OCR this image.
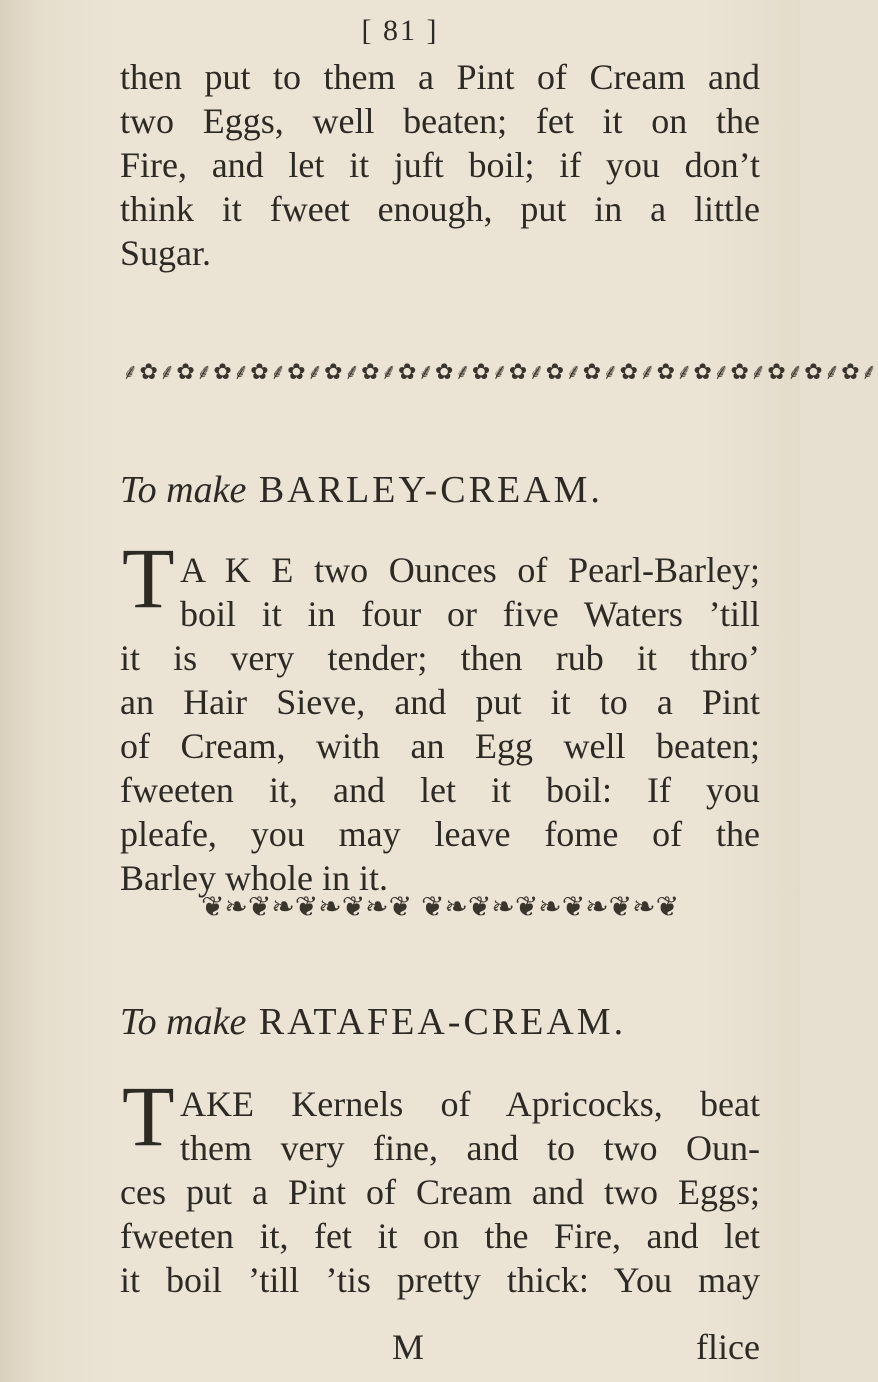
[ 81 ]
then put to them a Pint of Cream and
two Eggs, well beaten; fet it on the
Fire, and let it juft boil; if you don’t
think it fweet enough, put in a little
Sugar.
⸙✿⸙✿⸙✿⸙✿⸙✿⸙✿⸙✿⸙✿⸙✿⸙✿⸙✿⸙✿⸙✿⸙✿⸙✿⸙✿⸙✿⸙✿⸙✿⸙✿⸙
To make BARLEY-CREAM.
T A K E two Ounces of Pearl-Barley;
boil it in four or five Waters ’till
it is very tender; then rub it thro’
an Hair Sieve, and put it to a Pint
of Cream, with an Egg well beaten;
fweeten it, and let it boil: If you
pleafe, you may leave fome of the
Barley whole in it.
❦❧❦❧❦❧❦❧❦ ❦❧❦❧❦❧❦❧❦❧❦
To make RATAFEA-CREAM.
T AKE Kernels of Apricocks, beat
them very fine, and to two Oun-
ces put a Pint of Cream and two Eggs;
fweeten it, fet it on the Fire, and let
it boil ’till ’tis pretty thick: You may
M	flice
